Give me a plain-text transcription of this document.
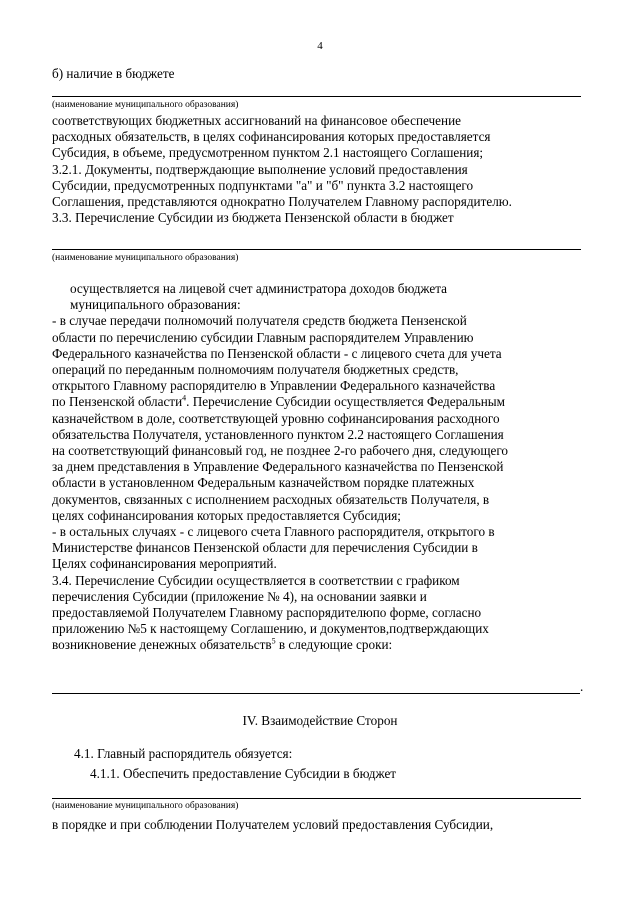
4
б) наличие в бюджете
(наименование муниципального образования)
соответствующих бюджетных ассигнований на финансовое обеспечение
расходных обязательств, в целях софинансирования которых предоставляется
Субсидия, в объеме, предусмотренном пунктом 2.1 настоящего Соглашения;
3.2.1. Документы, подтверждающие выполнение условий предоставления
Субсидии, предусмотренных подпунктами "а" и "б" пункта 3.2 настоящего
Соглашения, представляются однократно Получателем Главному распорядителю.
3.3. Перечисление Субсидии из бюджета Пензенской области в бюджет
(наименование муниципального образования)
осуществляется на лицевой счет администратора доходов бюджета
муниципального образования:
- в случае передачи полномочий получателя средств бюджета Пензенской
области по перечислению субсидии Главным распорядителем Управлению
Федерального казначейства по Пензенской области - с лицевого счета для учета
операций по переданным полномочиям получателя бюджетных средств,
открытого Главному распорядителю в Управлении Федерального казначейства
по Пензенской области$^4$. Перечисление Субсидии осуществляется Федеральным
казначейством в доле, соответствующей уровню софинансирования расходного
обязательства Получателя, установленного пунктом 2.2 настоящего Соглашения
на соответствующий финансовый год, не позднее 2-го рабочего дня, следующего
за днем представления в Управление Федерального казначейства по Пензенской
области в установленном Федеральным казначейством порядке платежных
документов, связанных с исполнением расходных обязательств Получателя, в
целях софинансирования которых предоставляется Субсидия;
- в остальных случаях - с лицевого счета Главного распорядителя, открытого в
Министерстве финансов Пензенской области для перечисления Субсидии в
Целях софинансирования мероприятий.
3.4. Перечисление Субсидии осуществляется в соответствии с графиком
перечисления Субсидии (приложение № 4), на основании заявки и
предоставляемой Получателем Главному распорядителюпо форме, согласно
приложению №5 к настоящему Соглашению, и документов,подтверждающих
возникновение денежных обязательств$^5$ в следующие сроки:
.
IV. Взаимодействие Сторон
4.1. Главный распорядитель обязуется:
4.1.1. Обеспечить предоставление Субсидии в бюджет
(наименование муниципального образования)
в порядке и при соблюдении Получателем условий предоставления Субсидии,
